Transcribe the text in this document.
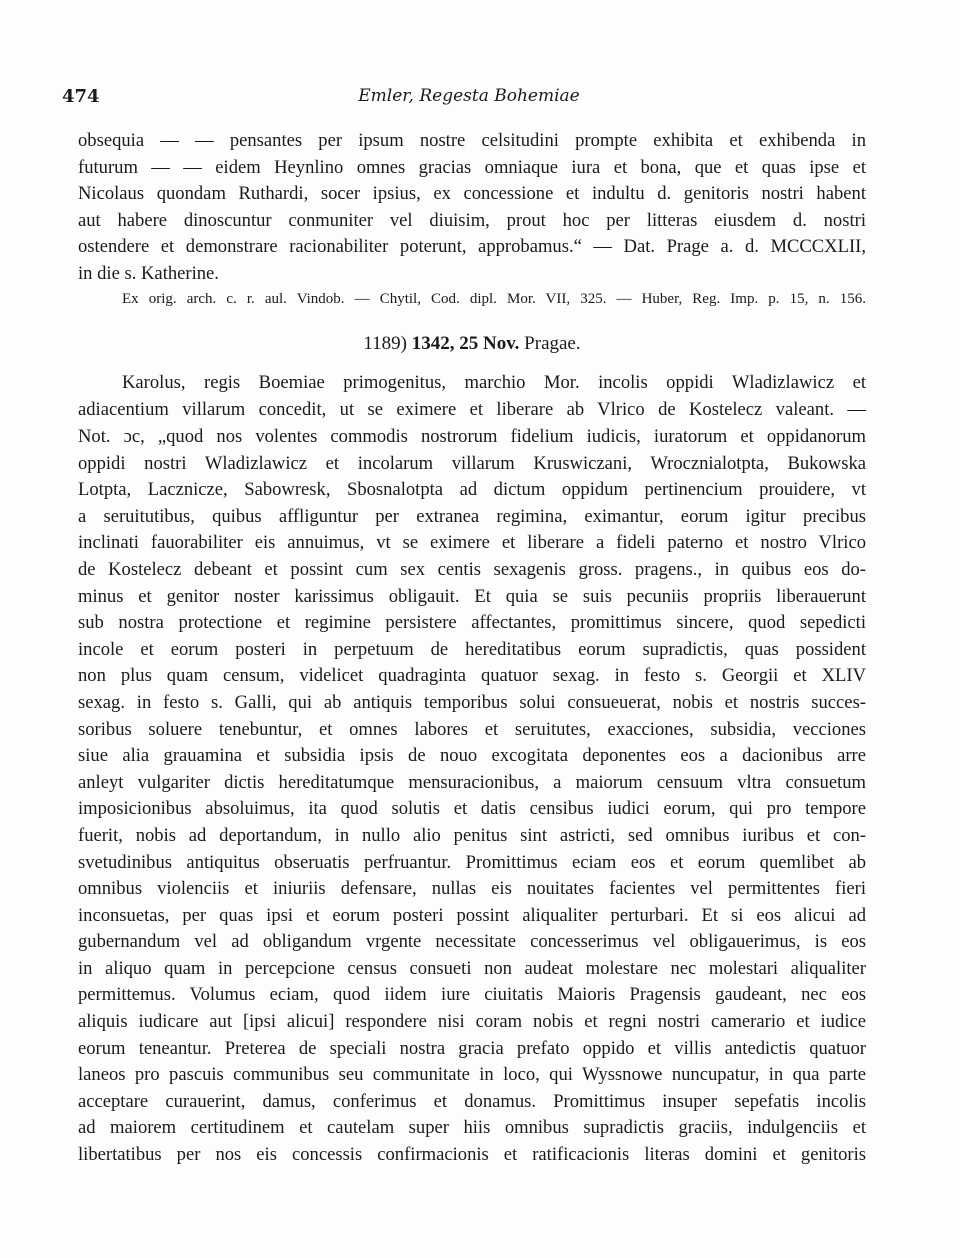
474	Emler, Regesta Bohemiae
obsequia — — pensantes per ipsum nostre celsitudini prompte exhibita et exhibenda in
futurum — — eidem Heynlino omnes gracias omniaque iura et bona, que et quas ipse et
Nicolaus quondam Ruthardi, socer ipsius, ex concessione et indultu d. genitoris nostri habent
aut habere dinoscuntur conmuniter vel diuisim, prout hoc per litteras eiusdem d. nostri
ostendere et demonstrare racionabiliter poterunt, approbamus.“ — Dat. Prage a. d. MCCCXLII,
in die s. Katherine.
Ex orig. arch. c. r. aul. Vindob. — Chytil, Cod. dipl. Mor. VII, 325. — Huber, Reg. Imp. p. 15, n. 156.
1189) 1342, 25 Nov. Pragae.
Karolus, regis Boemiae primogenitus, marchio Mor. incolis oppidi Wladizlawicz et
adiacentium villarum concedit, ut se eximere et liberare ab Vlrico de Kostelecz valeant. —
Not. ɔc, „quod nos volentes commodis nostrorum fidelium iudicis, iuratorum et oppidanorum
oppidi nostri Wladizlawicz et incolarum villarum Kruswiczani, Wrocznialotpta, Bukowska
Lotpta, Lacznicze, Sabowresk, Sbosnalotpta ad dictum oppidum pertinencium prouidere, vt
a seruitutibus, quibus affliguntur per extranea regimina, eximantur, eorum igitur precibus
inclinati fauorabiliter eis annuimus, vt se eximere et liberare a fideli paterno et nostro Vlrico
de Kostelecz debeant et possint cum sex centis sexagenis gross. pragens., in quibus eos do-
minus et genitor noster karissimus obligauit. Et quia se suis pecuniis propriis liberauerunt
sub nostra protectione et regimine persistere affectantes, promittimus sincere, quod sepedicti
incole et eorum posteri in perpetuum de hereditatibus eorum supradictis, quas possident
non plus quam censum, videlicet quadraginta quatuor sexag. in festo s. Georgii et XLIV
sexag. in festo s. Galli, qui ab antiquis temporibus solui consueuerat, nobis et nostris succes-
soribus soluere tenebuntur, et omnes labores et seruitutes, exacciones, subsidia, vecciones
siue alia grauamina et subsidia ipsis de nouo excogitata deponentes eos a dacionibus arre
anleyt vulgariter dictis hereditatumque mensuracionibus, a maiorum censuum vltra consuetum
imposicionibus absoluimus, ita quod solutis et datis censibus iudici eorum, qui pro tempore
fuerit, nobis ad deportandum, in nullo alio penitus sint astricti, sed omnibus iuribus et con-
svetudinibus antiquitus obseruatis perfruantur. Promittimus eciam eos et eorum quemlibet ab
omnibus violenciis et iniuriis defensare, nullas eis nouitates facientes vel permittentes fieri
inconsuetas, per quas ipsi et eorum posteri possint aliqualiter perturbari. Et si eos alicui ad
gubernandum vel ad obligandum vrgente necessitate concesserimus vel obligauerimus, is eos
in aliquo quam in percepcione census consueti non audeat molestare nec molestari aliqualiter
permittemus. Volumus eciam, quod iidem iure ciuitatis Maioris Pragensis gaudeant, nec eos
aliquis iudicare aut [ipsi alicui] respondere nisi coram nobis et regni nostri camerario et iudice
eorum teneantur. Preterea de speciali nostra gracia prefato oppido et villis antedictis quatuor
laneos pro pascuis communibus seu communitate in loco, qui Wyssnowe nuncupatur, in qua parte
acceptare curauerint, damus, conferimus et donamus. Promittimus insuper sepefatis incolis
ad maiorem certitudinem et cautelam super hiis omnibus supradictis graciis, indulgenciis et
libertatibus per nos eis concessis confirmacionis et ratificacionis literas domini et genitoris
